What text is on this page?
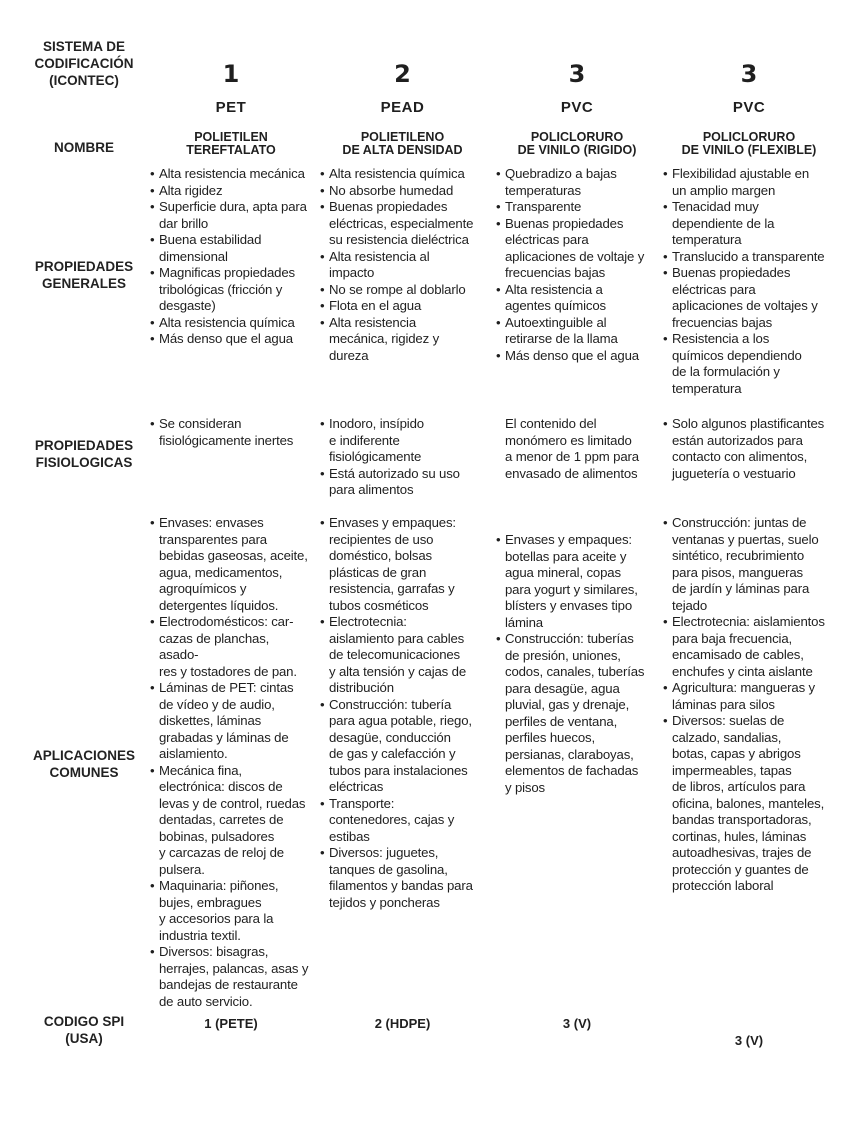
SISTEMA DE
CODIFICACIÓN
(ICONTEC)
NOMBRE
PROPIEDADES
GENERALES
PROPIEDADES
FISIOLOGICAS
APLICACIONES
COMUNES
CODIGO SPI
(USA)
1
PET
POLIETILEN
TEREFTALATO
• Alta resistencia mecánica
• Alta rigidez
• Superficie dura, apta para
dar brillo
• Buena estabilidad
dimensional
• Magnificas propiedades
tribológicas (fricción y
desgaste)
• Alta resistencia química
• Más denso que el agua
• Se consideran
fisiológicamente inertes
• Envases: envases
transparentes para
bebidas gaseosas, aceite,
agua, medicamentos,
agroquímicos y
detergentes líquidos.
• Electrodomésticos: car-
cazas de planchas, asado-
res y tostadores de pan.
• Láminas de PET: cintas
de vídeo y de audio,
diskettes, láminas
grabadas y láminas de
aislamiento.
• Mecánica fina,
electrónica: discos de
levas y de control, ruedas
dentadas, carretes de
bobinas, pulsadores
y carcazas de reloj de
pulsera.
• Maquinaria: piñones,
bujes, embragues
y accesorios para la
industria textil.
• Diversos: bisagras,
herrajes, palancas, asas y
bandejas de restaurante
de auto servicio.
1 (PETE)
2
PEAD
POLIETILENO
DE ALTA DENSIDAD
• Alta resistencia química
• No absorbe humedad
• Buenas propiedades
eléctricas, especialmente
su resistencia dieléctrica
• Alta resistencia al
impacto
• No se rompe al doblarlo
• Flota en el agua
• Alta resistencia
mecánica, rigidez y
dureza
• Inodoro, insípido
e indiferente
fisiológicamente
• Está autorizado su uso
para alimentos
• Envases y empaques:
recipientes de uso
doméstico, bolsas
plásticas de gran
resistencia, garrafas y
tubos cosméticos
• Electrotecnia:
aislamiento para cables
de telecomunicaciones
y alta tensión y cajas de
distribución
• Construcción: tubería
para agua potable, riego,
desagüe, conducción
de gas y calefacción y
tubos para instalaciones
eléctricas
• Transporte:
contenedores, cajas y
estibas
• Diversos: juguetes,
tanques de gasolina,
filamentos y bandas para
tejidos y poncheras
2 (HDPE)
3
PVC
POLICLORURO
DE VINILO (RIGIDO)
• Quebradizo a bajas
temperaturas
• Transparente
• Buenas propiedades
eléctricas para
aplicaciones de voltaje y
frecuencias bajas
• Alta resistencia a
agentes químicos
• Autoextinguible al
retirarse de la llama
• Más denso que el agua
El contenido del
monómero es limitado
a menor de 1 ppm para
envasado de alimentos
• Envases y empaques:
botellas para aceite y
agua mineral, copas
para yogurt y similares,
blísters y envases tipo
lámina
• Construcción: tuberías
de presión, uniones,
codos, canales, tuberías
para desagüe, agua
pluvial, gas y drenaje,
perfiles de ventana,
perfiles huecos,
persianas, claraboyas,
elementos de fachadas
y pisos
3 (V)
3
PVC
POLICLORURO
DE VINILO (FLEXIBLE)
• Flexibilidad ajustable en
un amplio margen
• Tenacidad muy
dependiente de la
temperatura
• Translucido a transparente
• Buenas propiedades
eléctricas para
aplicaciones de voltajes y
frecuencias bajas
• Resistencia a los
químicos dependiendo
de la formulación y
temperatura
• Solo algunos plastificantes
están autorizados para
contacto con alimentos,
juguetería o vestuario
• Construcción: juntas de
ventanas y puertas, suelo
sintético, recubrimiento
para pisos, mangueras
de jardín y láminas para
tejado
• Electrotecnia: aislamientos
para baja frecuencia,
encamisado de cables,
enchufes y cinta aislante
• Agricultura: mangueras y
láminas para silos
• Diversos: suelas de
calzado, sandalias,
botas, capas y abrigos
impermeables, tapas
de libros, artículos para
oficina, balones, manteles,
bandas transportadoras,
cortinas, hules, láminas
autoadhesivas, trajes de
protección y guantes de
protección laboral
3 (V)
